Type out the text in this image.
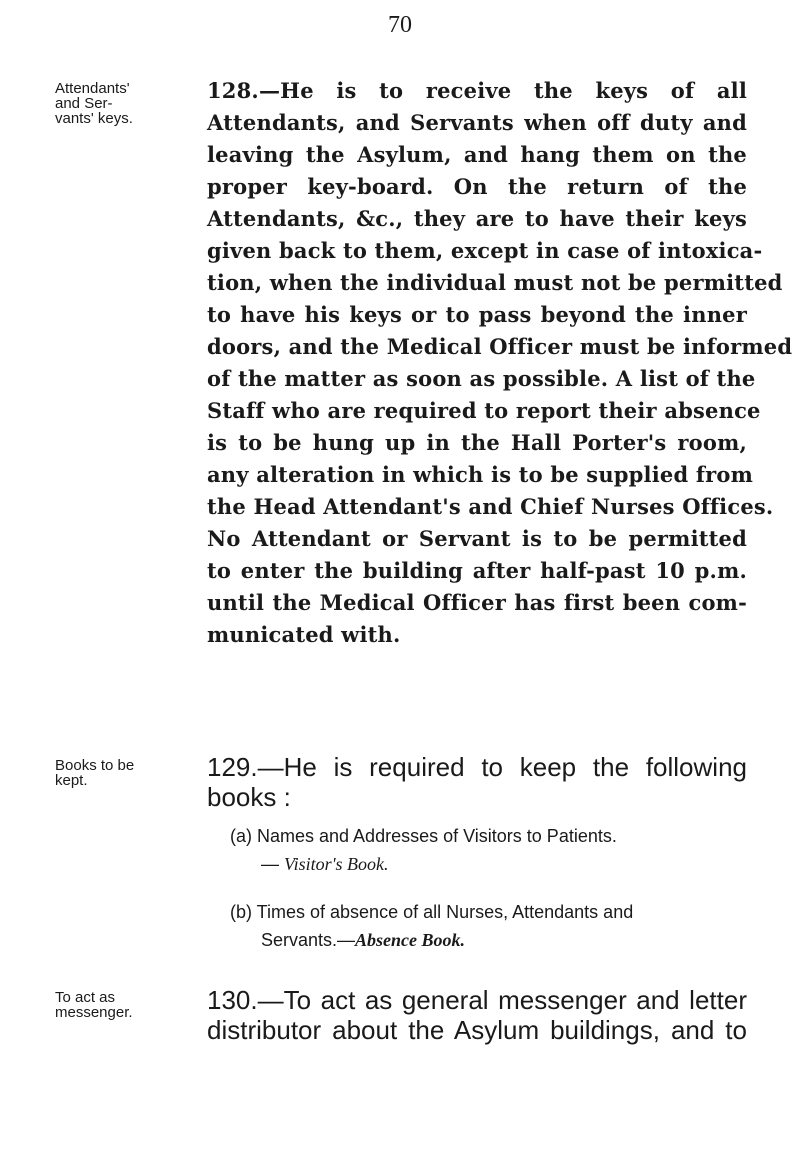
70
Attendants'
and Ser-
vants' keys.
128.—He is to receive the keys of all
Attendants, and Servants when off duty and
leaving the Asylum, and hang them on the
proper key-board. On the return of the
Attendants, &c., they are to have their keys
given back to them, except in case of intoxica-
tion, when the individual must not be permitted
to have his keys or to pass beyond the inner
doors, and the Medical Officer must be informed
of the matter as soon as possible. A list of the
Staff who are required to report their absence
is to be hung up in the Hall Porter's room,
any alteration in which is to be supplied from
the Head Attendant's and Chief Nurses Offices.
No Attendant or Servant is to be permitted
to enter the building after half-past 10 p.m.
until the Medical Officer has first been com-
municated with.
Books to be
kept.	129.—He is required to keep the following
books :
(a) Names and Addresses of Visitors to Patients.
— Visitor's Book.
(b) Times of absence of all Nurses, Attendants and
Servants.—Absence Book.
To act as
messenger.	130.—To act as general messenger and letter
distributor about the Asylum buildings, and to
